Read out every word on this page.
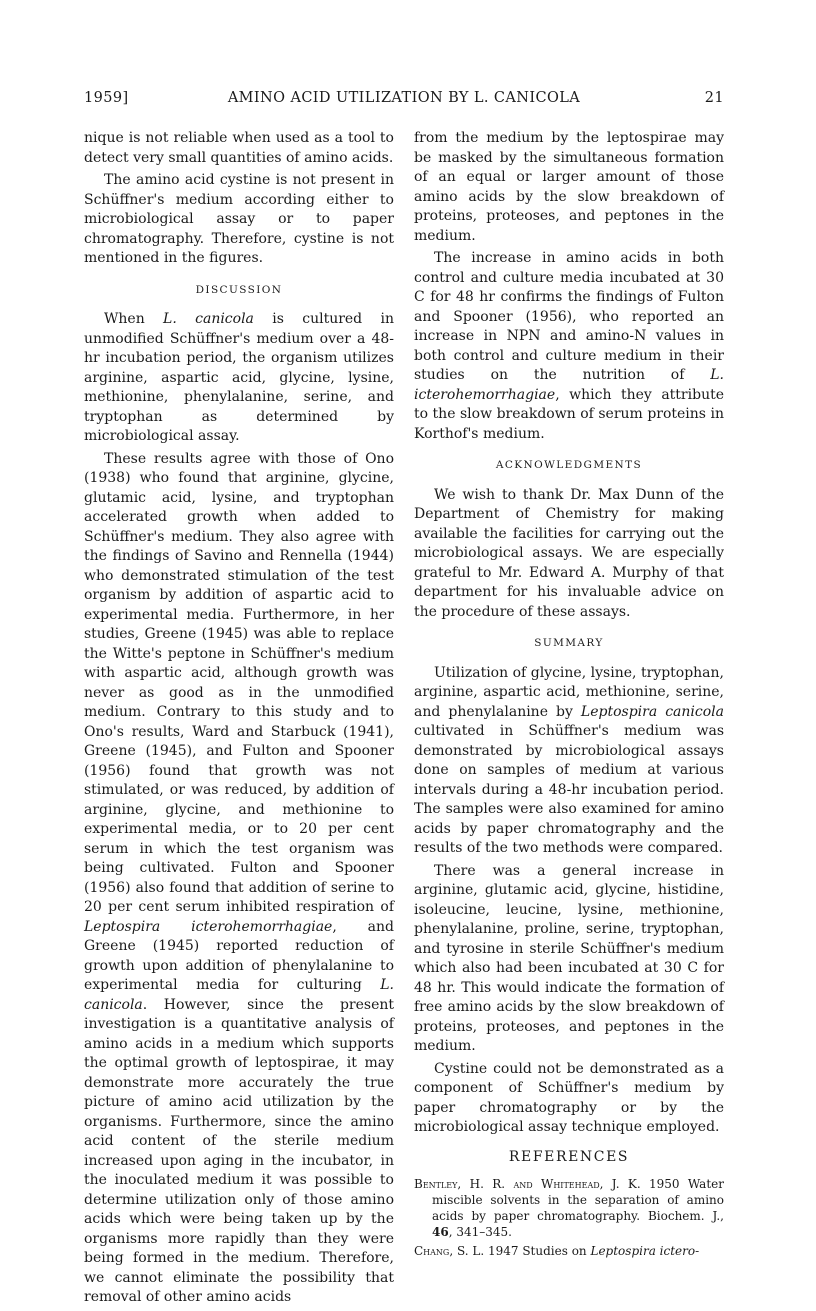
1959]	AMINO ACID UTILIZATION BY L. CANICOLA	21

nique is not reliable when used as a tool to detect very small quantities of amino acids.

The amino acid cystine is not present in Schüffner's medium according either to microbiological assay or to paper chromatography. Therefore, cystine is not mentioned in the figures.

DISCUSSION

When L. canicola is cultured in unmodified Schüffner's medium over a 48-hr incubation period, the organism utilizes arginine, aspartic acid, glycine, lysine, methionine, phenylalanine, serine, and tryptophan as determined by microbiological assay.

These results agree with those of Ono (1938) who found that arginine, glycine, glutamic acid, lysine, and tryptophan accelerated growth when added to Schüffner's medium. They also agree with the findings of Savino and Rennella (1944) who demonstrated stimulation of the test organism by addition of aspartic acid to experimental media. Furthermore, in her studies, Greene (1945) was able to replace the Witte's peptone in Schüffner's medium with aspartic acid, although growth was never as good as in the unmodified medium. Contrary to this study and to Ono's results, Ward and Starbuck (1941), Greene (1945), and Fulton and Spooner (1956) found that growth was not stimulated, or was reduced, by addition of arginine, glycine, and methionine to experimental media, or to 20 per cent serum in which the test organism was being cultivated. Fulton and Spooner (1956) also found that addition of serine to 20 per cent serum inhibited respiration of Leptospira icterohemorrhagiae, and Greene (1945) reported reduction of growth upon addition of phenylalanine to experimental media for culturing L. canicola. However, since the present investigation is a quantitative analysis of amino acids in a medium which supports the optimal growth of leptospirae, it may demonstrate more accurately the true picture of amino acid utilization by the organisms. Furthermore, since the amino acid content of the sterile medium increased upon aging in the incubator, in the inoculated medium it was possible to determine utilization only of those amino acids which were being taken up by the organisms more rapidly than they were being formed in the medium. Therefore, we cannot eliminate the possibility that removal of other amino acids

from the medium by the leptospirae may be masked by the simultaneous formation of an equal or larger amount of those amino acids by the slow breakdown of proteins, proteoses, and peptones in the medium.

The increase in amino acids in both control and culture media incubated at 30 C for 48 hr confirms the findings of Fulton and Spooner (1956), who reported an increase in NPN and amino-N values in both control and culture medium in their studies on the nutrition of L. icterohemorrhagiae, which they attribute to the slow breakdown of serum proteins in Korthof's medium.

ACKNOWLEDGMENTS

We wish to thank Dr. Max Dunn of the Department of Chemistry for making available the facilities for carrying out the microbiological assays. We are especially grateful to Mr. Edward A. Murphy of that department for his invaluable advice on the procedure of these assays.

SUMMARY

Utilization of glycine, lysine, tryptophan, arginine, aspartic acid, methionine, serine, and phenylalanine by Leptospira canicola cultivated in Schüffner's medium was demonstrated by microbiological assays done on samples of medium at various intervals during a 48-hr incubation period. The samples were also examined for amino acids by paper chromatography and the results of the two methods were compared.

There was a general increase in arginine, glutamic acid, glycine, histidine, isoleucine, leucine, lysine, methionine, phenylalanine, proline, serine, tryptophan, and tyrosine in sterile Schüffner's medium which also had been incubated at 30 C for 48 hr. This would indicate the formation of free amino acids by the slow breakdown of proteins, proteoses, and peptones in the medium.

Cystine could not be demonstrated as a component of Schüffner's medium by paper chromatography or by the microbiological assay technique employed.

REFERENCES
Bentley, H. R. and Whitehead, J. K. 1950 Water miscible solvents in the separation of amino acids by paper chromatography. Biochem. J., 46, 341–345.
Chang, S. L. 1947 Studies on Leptospira ictero-
